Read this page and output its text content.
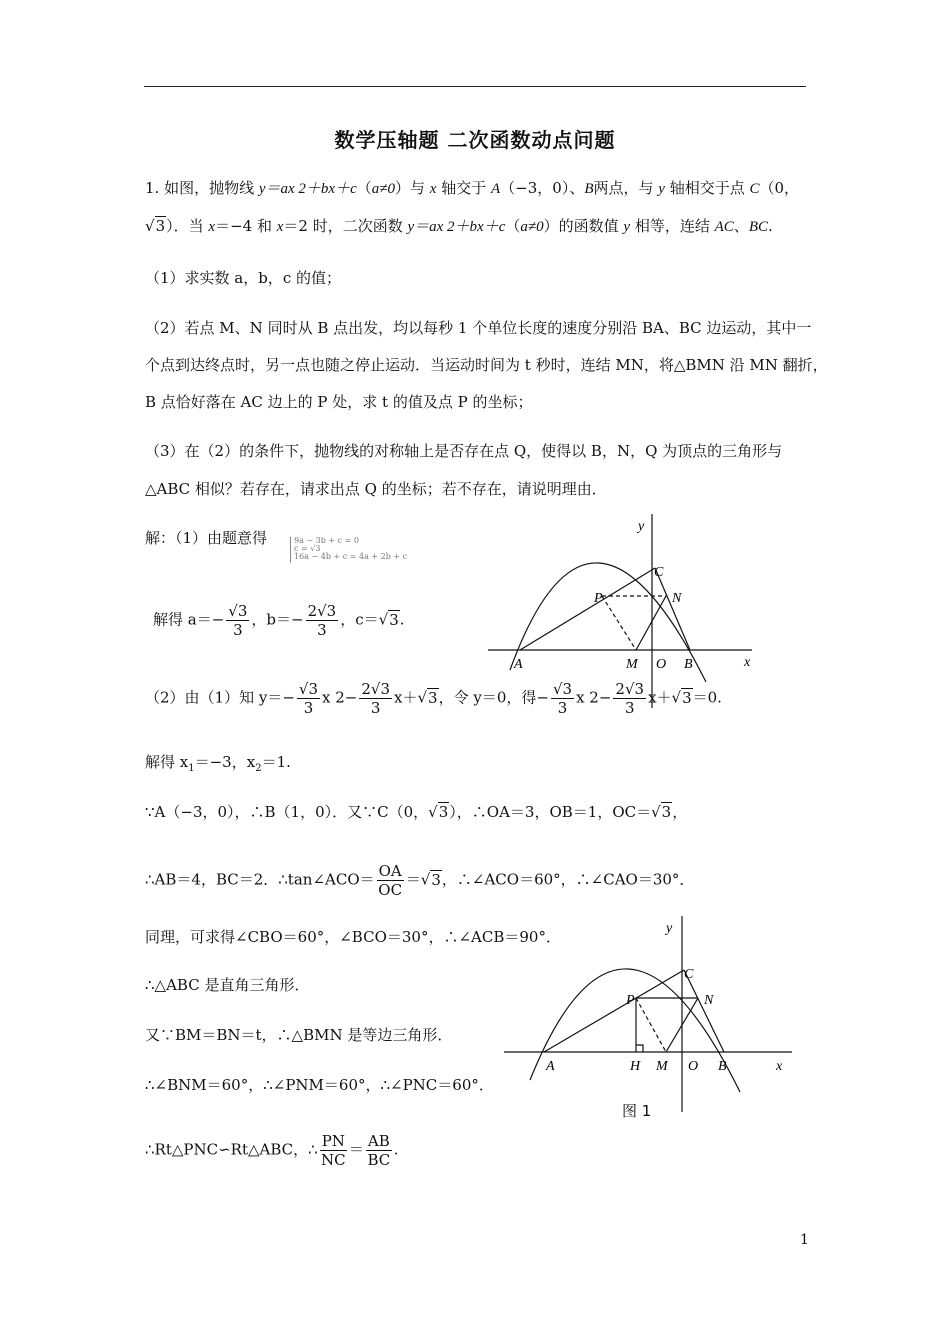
数学压轴题 二次函数动点问题
1. 如图，抛物线 y＝ax 2＋bx＋c（a≠0）与 x 轴交于 A（−3，0）、B两点，与 y 轴相交于点 C（0，
√3）．当 x＝−4 和 x＝2 时，二次函数 y＝ax 2＋bx＋c（a≠0）的函数值 y 相等，连结 AC、BC.
（1）求实数 a，b，c 的值；
（2）若点 M、N 同时从 B 点出发，均以每秒 1 个单位长度的速度分别沿 BA、BC 边运动，其中一
个点到达终点时，另一点也随之停止运动．当运动时间为 t 秒时，连结 MN，将△BMN 沿 MN 翻折，
B 点恰好落在 AC 边上的 P 处，求 t 的值及点 P 的坐标；
（3）在（2）的条件下，抛物线的对称轴上是否存在点 Q，使得以 B，N，Q 为顶点的三角形与
△ABC 相似？若存在，请求出点 Q 的坐标；若不存在，请说明理由．
解：（1）由题意得	9a − 3b + c = 0
c = √3
16a − 4b + c = 4a + 2b + c
解得 $a=- \frac{√3}{3}$ ，$b=- \frac{2√3}{3}$ ，c＝√3.
（2）由（1）知 $y=- \frac{√3}{3}$ x $2- \frac{2√3}{3} x+√3$，令 y＝0，得− $\frac{√3}{3}$ x $2- \frac{2√3}{3} x+√3=0$.
解得 $x_1=-3$，$x_2=1$.
∵A（−3，0），∴B（1，0）．又∵C（0，√3），∴OA＝3，OB＝1，OC＝√3，
∴AB＝4，BC＝2．∴tan∠ACO＝ $\frac{OA}{OC} =√3$，∴∠ACO＝60°，∴∠CAO＝30°．
同理，可求得∠CBO＝60°，∠BCO＝30°，∴∠ACB＝90°．
∴△ABC 是直角三角形．
又∵BM＝BN＝t，∴△BMN 是等边三角形．
∴∠BNM＝60°，∴∠PNM＝60°，∴∠PNC＝60°．
∴Rt△PNC∽Rt△ABC，∴ $\frac{PN}{NC} = \frac{AB}{BC}$ .
y
x
C
P	N
A	M O B
y
x
C
P	N
A	H M O B
图 1
1
